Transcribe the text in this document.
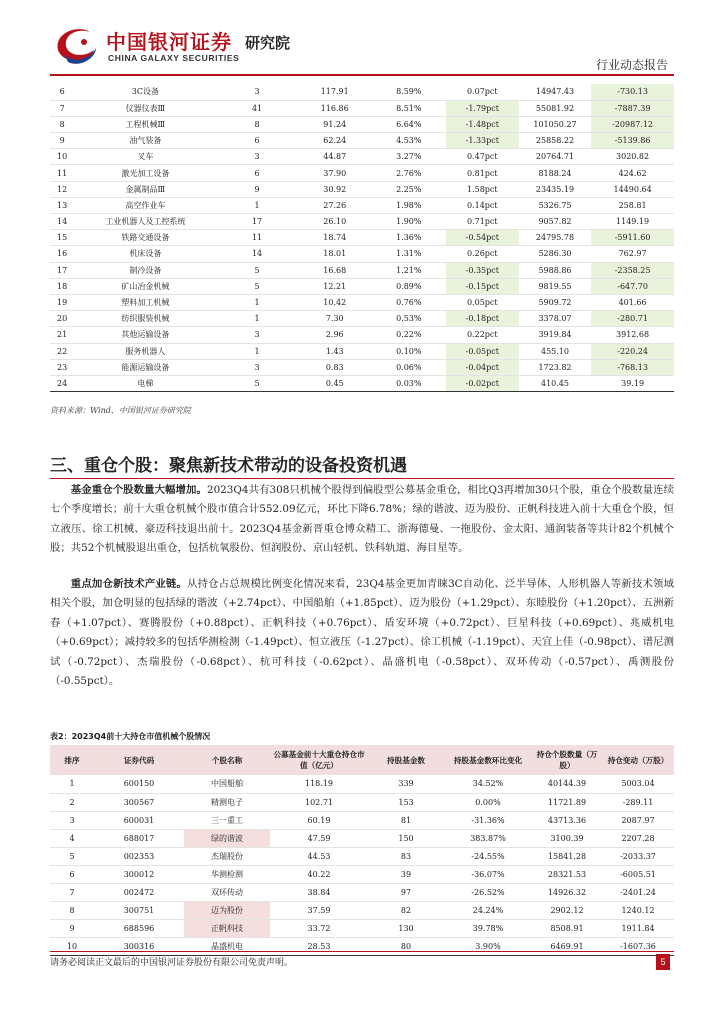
中国银河证券
CHINA GALAXY SECURITIES
研究院
行业动态报告
6	3C设备	3	117.91	8.59%	0.07pct	14947.43	-730.13
7	仪器仪表Ⅲ	41	116.86	8.51%	-1.79pct	55081.92	-7887.39
8	工程机械Ⅲ	8	91.24	6.64%	-1.48pct	101050.27	-20987.12
9	油气装备	6	62.24	4.53%	-1.33pct	25858.22	-5139.86
10	叉车	3	44.87	3.27%	0.47pct	20764.71	3020.82
11	激光加工设备	6	37.90	2.76%	0.81pct	8188.24	424.62
12	金属制品Ⅲ	9	30.92	2.25%	1.58pct	23435.19	14490.64
13	高空作业车	1	27.26	1.98%	0.14pct	5326.75	258.81
14	工业机器人及工控系统	17	26.10	1.90%	0.71pct	9057.82	1149.19
15	铁路交通设备	11	18.74	1.36%	-0.54pct	24795.78	-5911.60
16	机床设备	14	18.01	1.31%	0.26pct	5286.30	762.97
17	制冷设备	5	16.68	1.21%	-0.35pct	5988.86	-2358.25
18	矿山冶金机械	5	12.21	0.89%	-0.15pct	9819.55	-647.70
19	塑料加工机械	1	10.42	0.76%	0.05pct	5909.72	401.66
20	纺织服装机械	1	7.30	0.53%	-0.18pct	3378.07	-280.71
21	其他运输设备	3	2.96	0.22%	0.22pct	3919.84	3912.68
22	服务机器人	1	1.43	0.10%	-0.05pct	455.10	-220.24
23	能源运输设备	3	0.83	0.06%	-0.04pct	1723.82	-768.13
24	电梯	5	0.45	0.03%	-0.02pct	410.45	39.19
资料来源：Wind，中国银河证券研究院
三、重仓个股：聚焦新技术带动的设备投资机遇
基金重仓个股数量大幅增加。2023Q4共有308只机械个股得到偏股型公募基金重仓，相比Q3再增加30只个股，重仓个股数量连续七个季度增长；前十大重仓机械个股市值合计552.09亿元，环比下降6.78%；绿的谐波、迈为股份、正帆科技进入前十大重仓个股，恒立液压、徐工机械、豪迈科技退出前十。2023Q4基金新晋重仓博众精工、浙海德曼、一拖股份、金太阳、通润装备等共计82个机械个股；共52个机械股退出重仓，包括杭氧股份、恒润股份、京山轻机、铁科轨道、海目星等。
重点加仓新技术产业链。从持仓占总规模比例变化情况来看，23Q4基金更加青睐3C自动化、泛半导体、人形机器人等新技术领域相关个股，加仓明显的包括绿的谐波（+2.74pct）、中国船舶（+1.85pct）、迈为股份（+1.29pct）、东睦股份（+1.20pct）、五洲新春（+1.07pct）、赛腾股份（+0.88pct）、正帆科技（+0.76pct）、盾安环境（+0.72pct）、巨星科技（+0.69pct）、兆威机电（+0.69pct）；减持较多的包括华测检测（-1.49pct）、恒立液压（-1.27pct）、徐工机械（-1.19pct）、天宜上佳（-0.98pct）、谱尼测试（-0.72pct）、杰瑞股份（-0.68pct）、杭可科技（-0.62pct）、晶盛机电（-0.58pct）、双环传动（-0.57pct）、禹测股份（-0.55pct）。
表2：2023Q4前十大持仓市值机械个股情况
排序	证券代码	个股名称	公募基金前十大重仓持仓市值（亿元）	持股基金数	持股基金数环比变化	持仓个股数量（万股）	持仓变动（万股）
1	600150	中国船舶	118.19	339	34.52%	40144.39	5003.04
2	300567	精测电子	102.71	153	0.00%	11721.89	-289.11
3	600031	三一重工	60.19	81	-31.36%	43713.36	2087.97
4	688017	绿的谐波	47.59	150	383.87%	3100.39	2207.28
5	002353	杰瑞股份	44.53	83	-24.55%	15841.28	-2033.37
6	300012	华测检测	40.22	39	-36.07%	28321.53	-6005.51
7	002472	双环传动	38.84	97	-26.52%	14926.32	-2401.24
8	300751	迈为股份	37.59	82	24.24%	2902.12	1240.12
9	688596	正帆科技	33.72	130	39.78%	8508.91	1911.84
10	300316	晶盛机电	28.53	80	3.90%	6469.91	-1607.36
请务必阅读正文最后的中国银河证券股份有限公司免责声明。	5
